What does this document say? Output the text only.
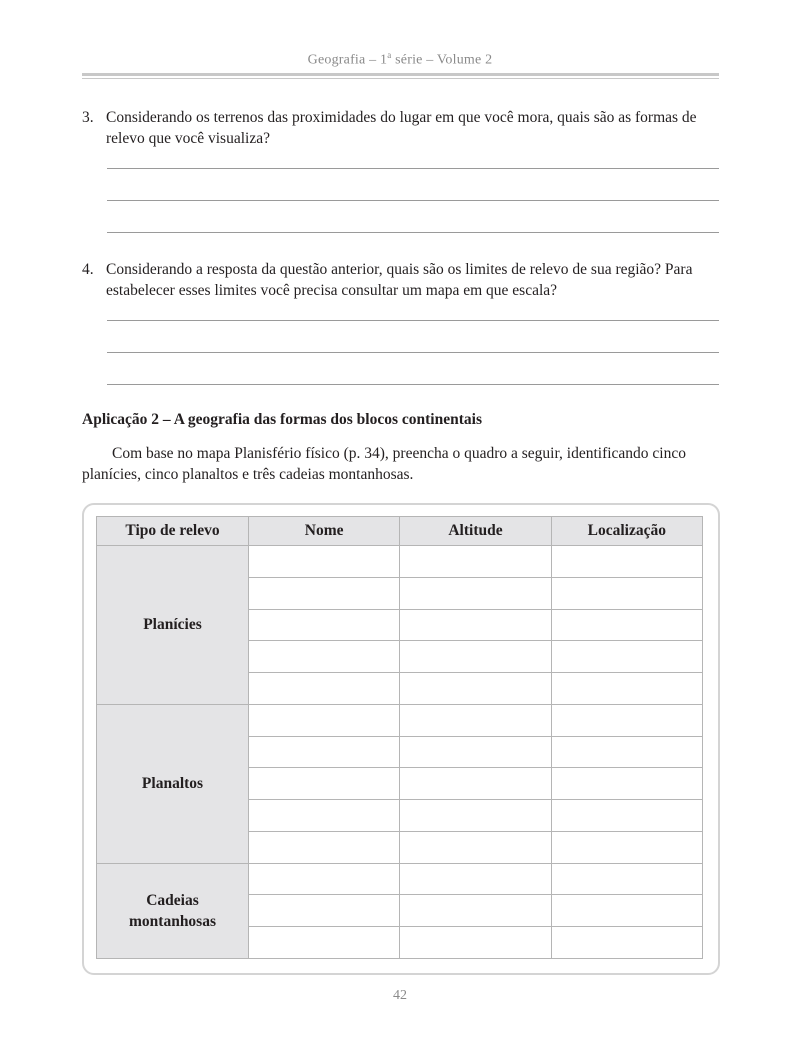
Geografia – 1$^a$ série – Volume 2
3. Considerando os terrenos das proximidades do lugar em que você mora, quais são as formas de relevo que você visualiza?
4. Considerando a resposta da questão anterior, quais são os limites de relevo de sua região? Para estabelecer esses limites você precisa consultar um mapa em que escala?
Aplicação 2 – A geografia das formas dos blocos continentais
Com base no mapa Planisfério físico (p. 34), preencha o quadro a seguir, identificando cinco planícies, cinco planaltos e três cadeias montanhosas.
Tipo de relevo	Nome	Altitude	Localização
Planícies			

Planaltos			

Cadeias montanhosas			

42
